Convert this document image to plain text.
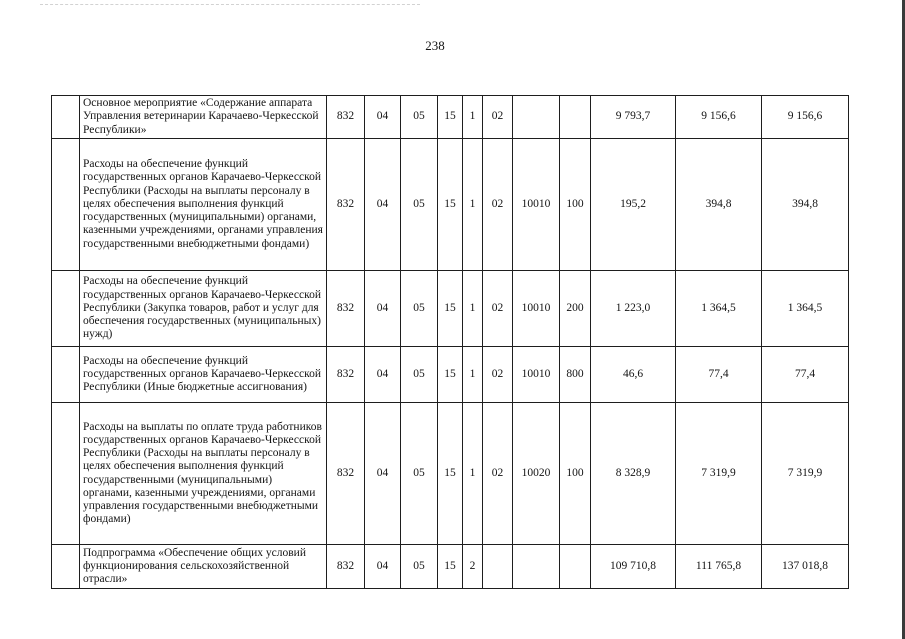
238
	Основное мероприятие «Содержание аппарата Управления ветеринарии Карачаево-Черкесской Республики»	832	04	05	15	1	02			9 793,7	9 156,6	9 156,6
	Расходы на обеспечение функций государственных органов Карачаево-Черкесской Республики (Расходы на выплаты персоналу в целях обеспечения выполнения функций государственных (муниципальными) органами, казенными учреждениями, органами управления государственными внебюджетными фондами)	832	04	05	15	1	02	10010	100	195,2	394,8	394,8
	Расходы на обеспечение функций государственных органов Карачаево-Черкесской Республики (Закупка товаров, работ и услуг для обеспечения государственных (муниципальных) нужд)	832	04	05	15	1	02	10010	200	1 223,0	1 364,5	1 364,5
	Расходы на обеспечение функций государственных органов Карачаево-Черкесской Республики (Иные бюджетные ассигнования)	832	04	05	15	1	02	10010	800	46,6	77,4	77,4
	Расходы на выплаты по оплате труда работников государственных органов Карачаево-Черкесской Республики (Расходы на выплаты персоналу в целях обеспечения выполнения функций государственными (муниципальными) органами, казенными учреждениями, органами управления государственными внебюджетными фондами)	832	04	05	15	1	02	10020	100	8 328,9	7 319,9	7 319,9
	Подпрограмма «Обеспечение общих условий функционирования сельскохозяйственной отрасли»	832	04	05	15	2				109 710,8	111 765,8	137 018,8
